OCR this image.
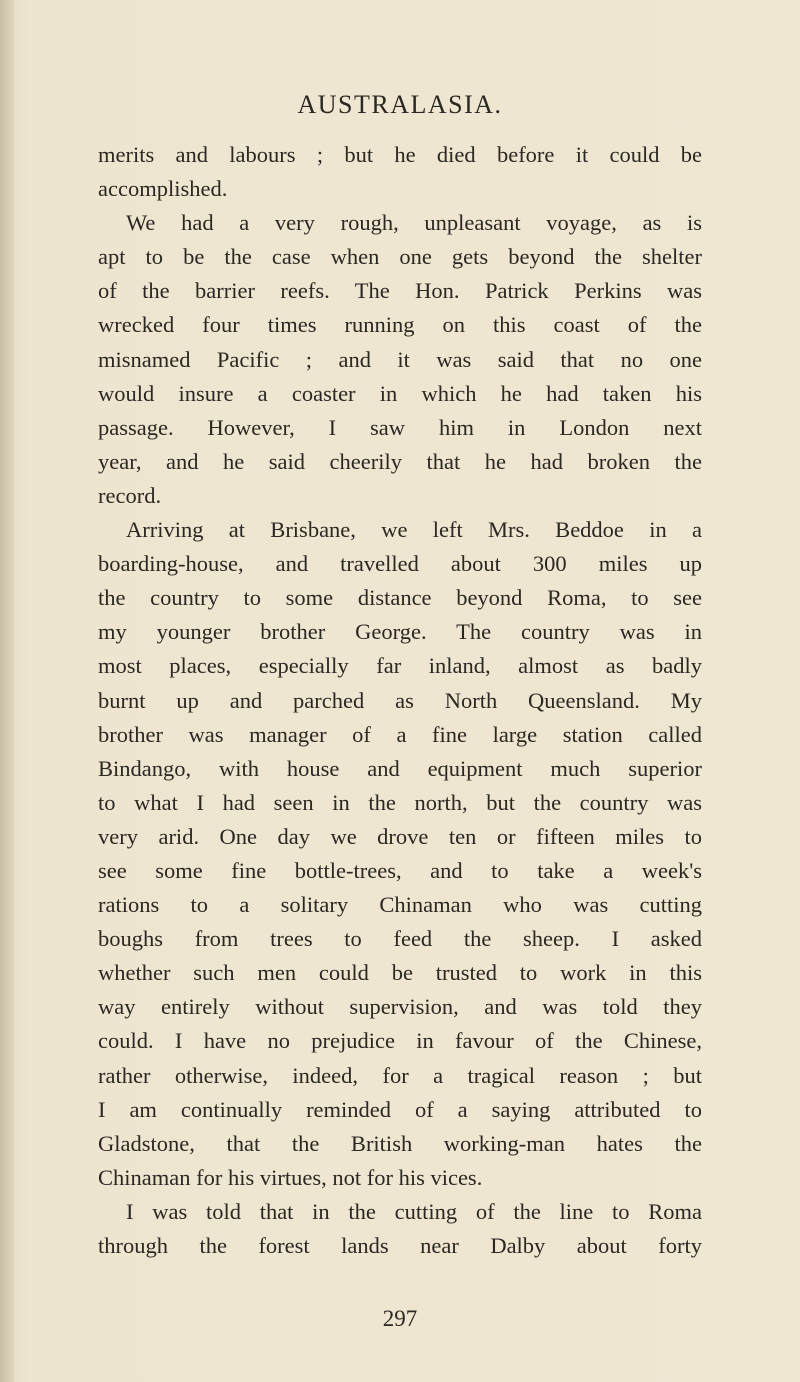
AUSTRALASIA.
merits and labours ; but he died before it could be
accomplished.
We had a very rough, unpleasant voyage, as is
apt to be the case when one gets beyond the shelter
of the barrier reefs. The Hon. Patrick Perkins was
wrecked four times running on this coast of the
misnamed Pacific ; and it was said that no one
would insure a coaster in which he had taken his
passage. However, I saw him in London next
year, and he said cheerily that he had broken the
record.
Arriving at Brisbane, we left Mrs. Beddoe in a
boarding-house, and travelled about 300 miles up
the country to some distance beyond Roma, to see
my younger brother George. The country was in
most places, especially far inland, almost as badly
burnt up and parched as North Queensland. My
brother was manager of a fine large station called
Bindango, with house and equipment much superior
to what I had seen in the north, but the country was
very arid. One day we drove ten or fifteen miles to
see some fine bottle-trees, and to take a week's
rations to a solitary Chinaman who was cutting
boughs from trees to feed the sheep. I asked
whether such men could be trusted to work in this
way entirely without supervision, and was told they
could. I have no prejudice in favour of the Chinese,
rather otherwise, indeed, for a tragical reason ; but
I am continually reminded of a saying attributed to
Gladstone, that the British working-man hates the
Chinaman for his virtues, not for his vices.
I was told that in the cutting of the line to Roma
through the forest lands near Dalby about forty
297
